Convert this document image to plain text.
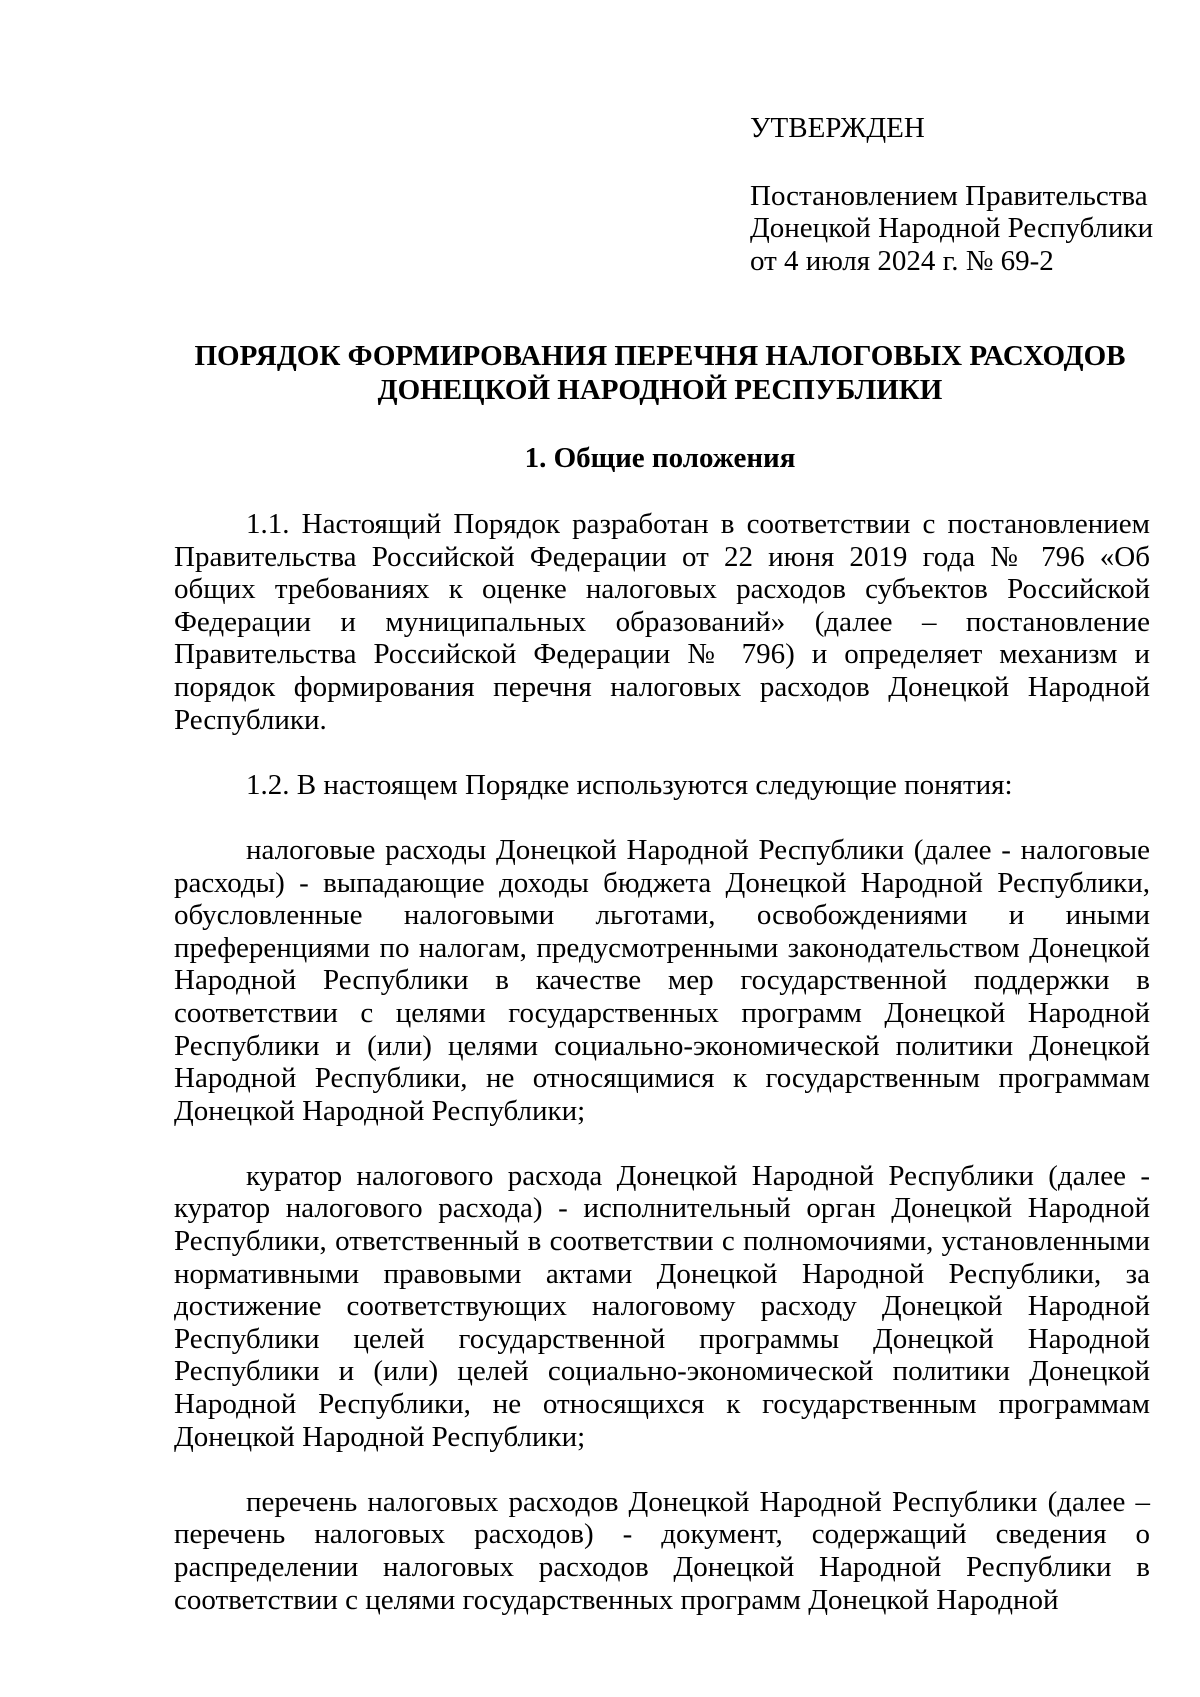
УТВЕРЖДЕН
Постановлением Правительства
Донецкой Народной Республики
от 4 июля 2024 г. № 69-2
ПОРЯДОК ФОРМИРОВАНИЯ ПЕРЕЧНЯ НАЛОГОВЫХ РАСХОДОВ
ДОНЕЦКОЙ НАРОДНОЙ РЕСПУБЛИКИ
1. Общие положения

1.1. Настоящий Порядок разработан в соответствии с постановлением Правительства Российской Федерации от 22 июня 2019 года № 796 «Об общих требованиях к оценке налоговых расходов субъектов Российской Федерации и муниципальных образований» (далее – постановление Правительства Российской Федерации № 796) и определяет механизм и порядок формирования перечня налоговых расходов Донецкой Народной Республики.

1.2. В настоящем Порядке используются следующие понятия:

налоговые расходы Донецкой Народной Республики (далее - налоговые расходы) - выпадающие доходы бюджета Донецкой Народной Республики, обусловленные налоговыми льготами, освобождениями и иными преференциями по налогам, предусмотренными законодательством Донецкой Народной Республики в качестве мер государственной поддержки в соответствии с целями государственных программ Донецкой Народной Республики и (или) целями социально-экономической политики Донецкой Народной Республики, не относящимися к государственным программам Донецкой Народной Республики;

куратор налогового расхода Донецкой Народной Республики (далее - куратор налогового расхода) - исполнительный орган Донецкой Народной Республики, ответственный в соответствии с полномочиями, установленными нормативными правовыми актами Донецкой Народной Республики, за достижение соответствующих налоговому расходу Донецкой Народной Республики целей государственной программы Донецкой Народной Республики и (или) целей социально-экономической политики Донецкой Народной Республики, не относящихся к государственным программам Донецкой Народной Республики;

перечень налоговых расходов Донецкой Народной Республики (далее – перечень налоговых расходов) - документ, содержащий сведения о распределении налоговых расходов Донецкой Народной Республики в соответствии с целями государственных программ Донецкой Народной
